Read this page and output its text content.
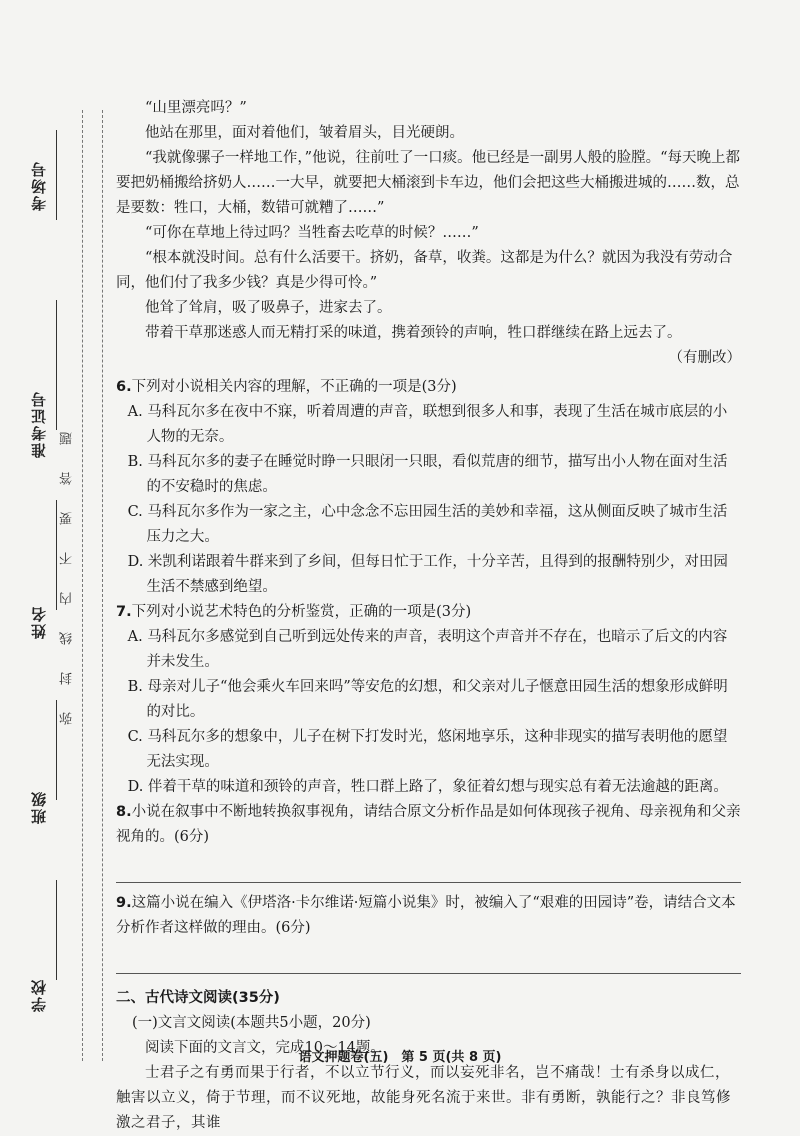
考场号
准考证号
姓名
班级
学校
弥封线内不要答题

“山里漂亮吗？”

他站在那里，面对着他们，皱着眉头，目光硬朗。

“我就像骡子一样地工作，”他说，往前吐了一口痰。他已经是一副男人般的脸膛。“每天晚上都要把奶桶搬给挤奶人……一大早，就要把大桶滚到卡车边，他们会把这些大桶搬进城的……数，总是要数：牲口，大桶，数错可就糟了……”

“可你在草地上待过吗？当牲畜去吃草的时候？……”

“根本就没时间。总有什么活要干。挤奶，备草，收粪。这都是为什么？就因为我没有劳动合同，他们付了我多少钱？真是少得可怜。”

他耸了耸肩，吸了吸鼻子，进家去了。

带着干草那迷惑人而无精打采的味道，携着颈铃的声响，牲口群继续在路上远去了。

（有删改）

6.下列对小说相关内容的理解，不正确的一项是(3分)

A. 马科瓦尔多在夜中不寐，听着周遭的声音，联想到很多人和事，表现了生活在城市底层的小人物的无奈。

B. 马科瓦尔多的妻子在睡觉时睁一只眼闭一只眼，看似荒唐的细节，描写出小人物在面对生活的不安稳时的焦虑。

C. 马科瓦尔多作为一家之主，心中念念不忘田园生活的美妙和幸福，这从侧面反映了城市生活压力之大。

D. 米凯利诺跟着牛群来到了乡间，但每日忙于工作，十分辛苦，且得到的报酬特别少，对田园生活不禁感到绝望。

7.下列对小说艺术特色的分析鉴赏，正确的一项是(3分)

A. 马科瓦尔多感觉到自己听到远处传来的声音，表明这个声音并不存在，也暗示了后文的内容并未发生。

B. 母亲对儿子“他会乘火车回来吗”等安危的幻想，和父亲对儿子惬意田园生活的想象形成鲜明的对比。

C. 马科瓦尔多的想象中，儿子在树下打发时光，悠闲地享乐，这种非现实的描写表明他的愿望无法实现。

D. 伴着干草的味道和颈铃的声音，牲口群上路了，象征着幻想与现实总有着无法逾越的距离。

8.小说在叙事中不断地转换叙事视角，请结合原文分析作品是如何体现孩子视角、母亲视角和父亲视角的。(6分)

9.这篇小说在编入《伊塔洛·卡尔维诺·短篇小说集》时，被编入了“艰难的田园诗”卷，请结合文本分析作者这样做的理由。(6分)

二、古代诗文阅读(35分)

(一)文言文阅读(本题共5小题，20分)

阅读下面的文言文，完成10～14题。

士君子之有勇而果于行者，不以立节行义，而以妄死非名，岂不痛哉！士有杀身以成仁，触害以立义，倚于节理，而不议死地，故能身死名流于来世。非有勇断，孰能行之？非良笃修激之君子，其谁

语文押题卷(五)　第 5 页(共 8 页)
